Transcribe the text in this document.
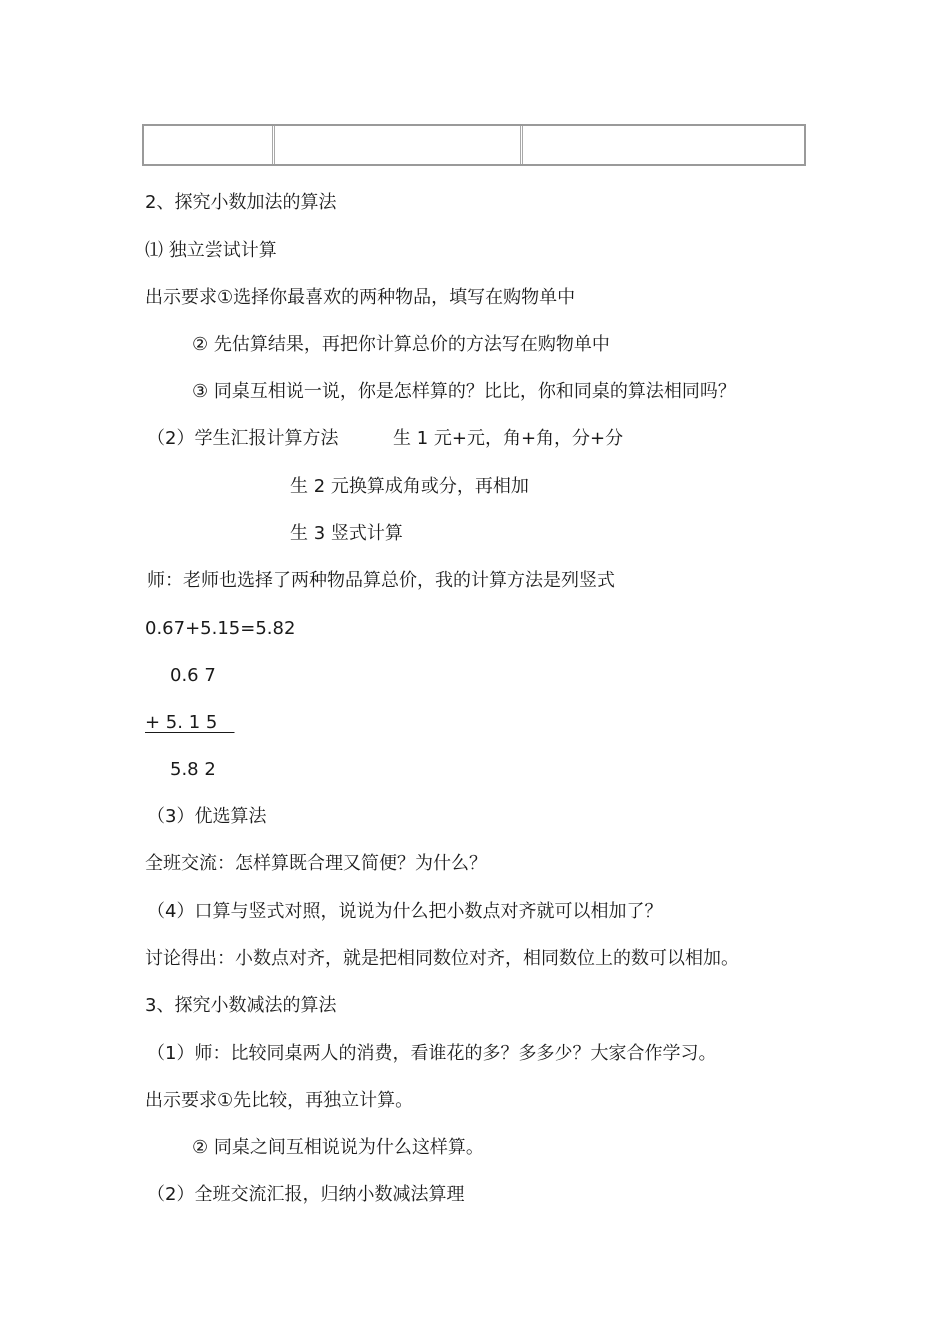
2、探究小数加法的算法
⑴ 独立尝试计算
出示要求①选择你最喜欢的两种物品，填写在购物单中
② 先估算结果，再把你计算总价的方法写在购物单中
③ 同桌互相说一说，你是怎样算的？比比，你和同桌的算法相同吗？
（2）学生汇报计算方法	生 1 元+元，角+角，分+分
生 2 元换算成角或分，再相加
生 3 竖式计算
师：老师也选择了两种物品算总价，我的计算方法是列竖式
0.67+5.15=5.82
0.6 7
+ 5. 1 5
5.8 2
（3）优选算法
全班交流：怎样算既合理又简便？为什么？
（4）口算与竖式对照，说说为什么把小数点对齐就可以相加了？
讨论得出：小数点对齐，就是把相同数位对齐，相同数位上的数可以相加。
3、探究小数减法的算法
（1）师：比较同桌两人的消费，看谁花的多？多多少？大家合作学习。
出示要求①先比较，再独立计算。
② 同桌之间互相说说为什么这样算。
（2）全班交流汇报，归纳小数减法算理
